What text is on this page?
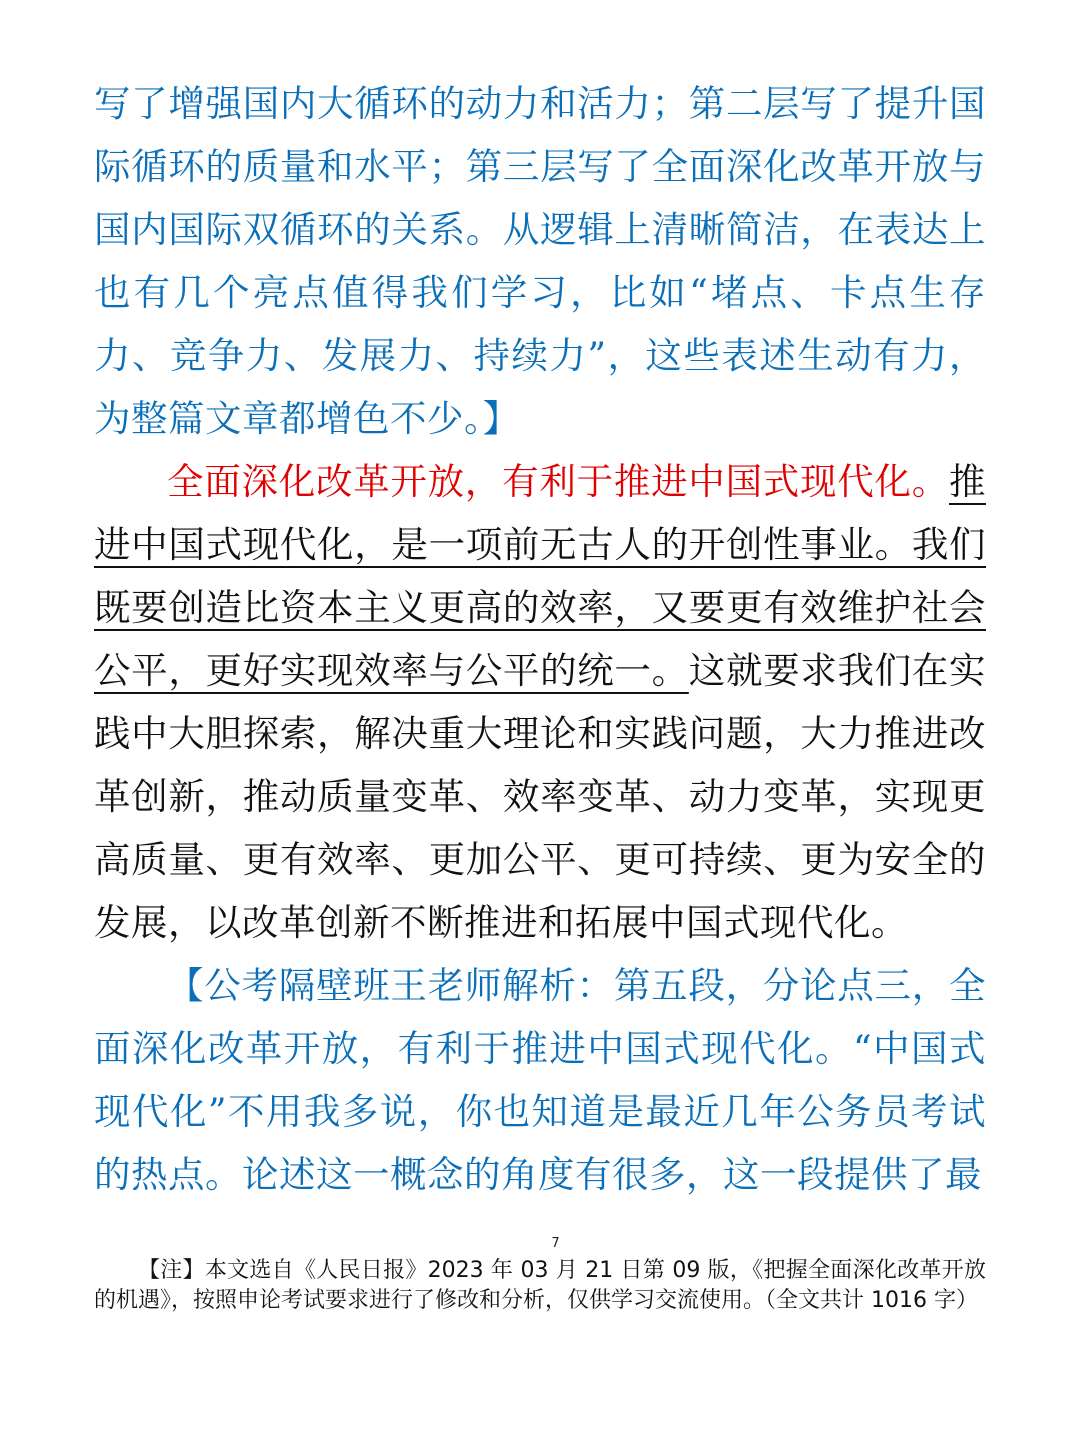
写了增强国内大循环的动力和活力；第二层写了提升国际循环的质量和水平；第三层写了全面深化改革开放与国内国际双循环的关系。从逻辑上清晰简洁，在表达上也有几个亮点值得我们学习，比如“堵点、卡点生存力、竞争力、发展力、持续力”，这些表述生动有力，为整篇文章都增色不少。】

全面深化改革开放，有利于推进中国式现代化。推进中国式现代化，是一项前无古人的开创性事业。我们既要创造比资本主义更高的效率，又要更有效维护社会公平，更好实现效率与公平的统一。这就要求我们在实践中大胆探索，解决重大理论和实践问题，大力推进改革创新，推动质量变革、效率变革、动力变革，实现更高质量、更有效率、更加公平、更可持续、更为安全的发展，以改革创新不断推进和拓展中国式现代化。

【公考隔壁班王老师解析：第五段，分论点三，全面深化改革开放，有利于推进中国式现代化。“中国式现代化”不用我多说，你也知道是最近几年公务员考试的热点。论述这一概念的角度有很多，这一段提供了最

7

【注】本文选自《人民日报》2023 年 03 月 21 日第 09 版，《把握全面深化改革开放的机遇》，按照申论考试要求进行了修改和分析，仅供学习交流使用。（全文共计 1016 字）
